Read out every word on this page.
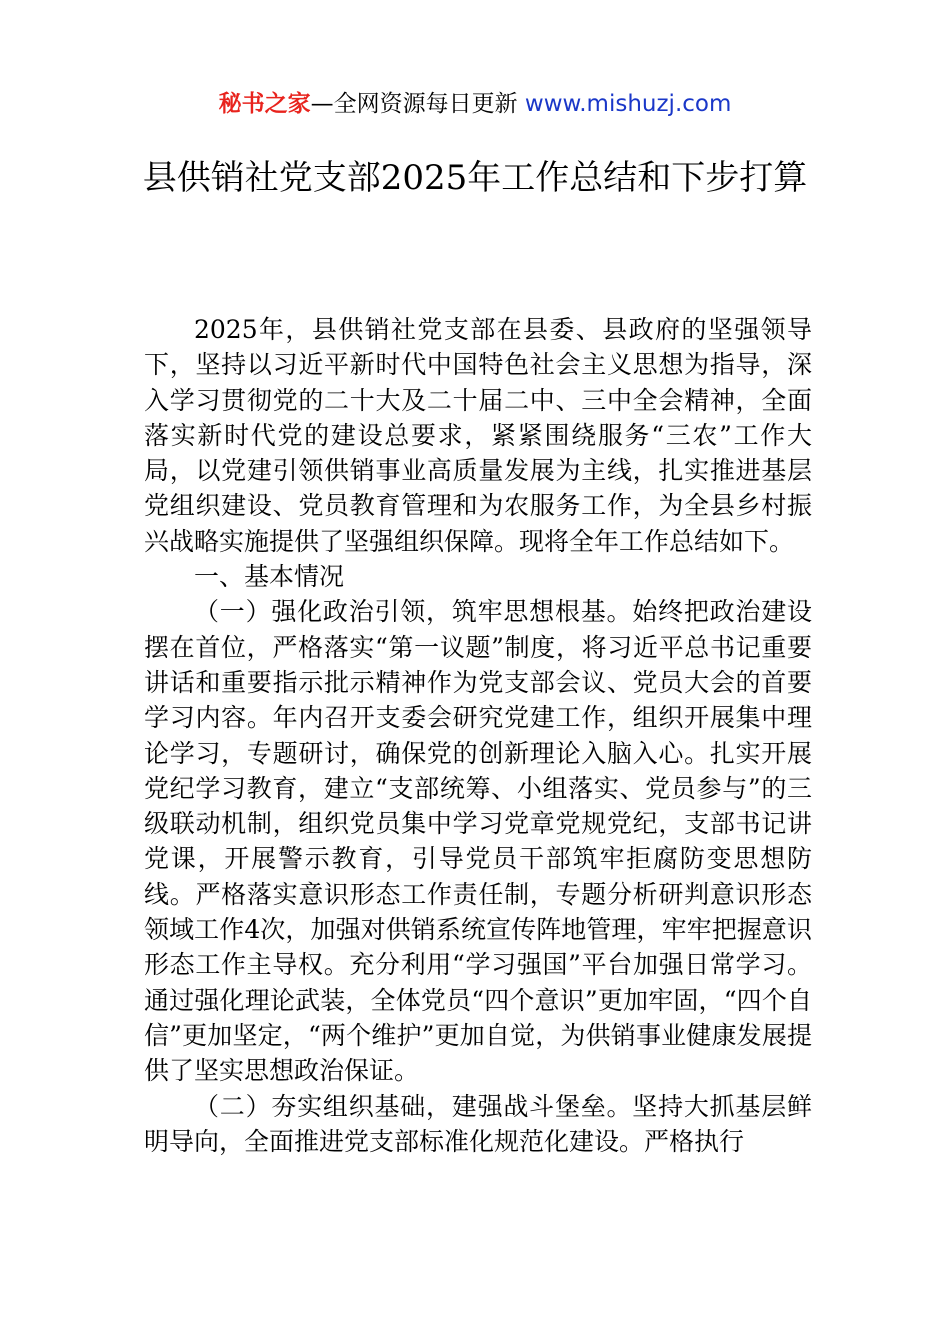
秘书之家—全网资源每日更新 www.mishuzj.com
县供销社党支部2025年工作总结和下步打算

2025年，县供销社党支部在县委、县政府的坚强领导下，坚持以习近平新时代中国特色社会主义思想为指导，深入学习贯彻党的二十大及二十届二中、三中全会精神，全面落实新时代党的建设总要求，紧紧围绕服务“三农”工作大局，以党建引领供销事业高质量发展为主线，扎实推进基层党组织建设、党员教育管理和为农服务工作，为全县乡村振兴战略实施提供了坚强组织保障。现将全年工作总结如下。

一、基本情况

（一）强化政治引领，筑牢思想根基。始终把政治建设摆在首位，严格落实“第一议题”制度，将习近平总书记重要讲话和重要指示批示精神作为党支部会议、党员大会的首要学习内容。年内召开支委会研究党建工作，组织开展集中理论学习，专题研讨，确保党的创新理论入脑入心。扎实开展党纪学习教育，建立“支部统筹、小组落实、党员参与”的三级联动机制，组织党员集中学习党章党规党纪，支部书记讲党课，开展警示教育，引导党员干部筑牢拒腐防变思想防线。严格落实意识形态工作责任制，专题分析研判意识形态领域工作4次，加强对供销系统宣传阵地管理，牢牢把握意识形态工作主导权。充分利用“学习强国”平台加强日常学习。通过强化理论武装，全体党员“四个意识”更加牢固，“四个自信”更加坚定，“两个维护”更加自觉，为供销事业健康发展提供了坚实思想政治保证。

（二）夯实组织基础，建强战斗堡垒。坚持大抓基层鲜明导向，全面推进党支部标准化规范化建设。严格执行
